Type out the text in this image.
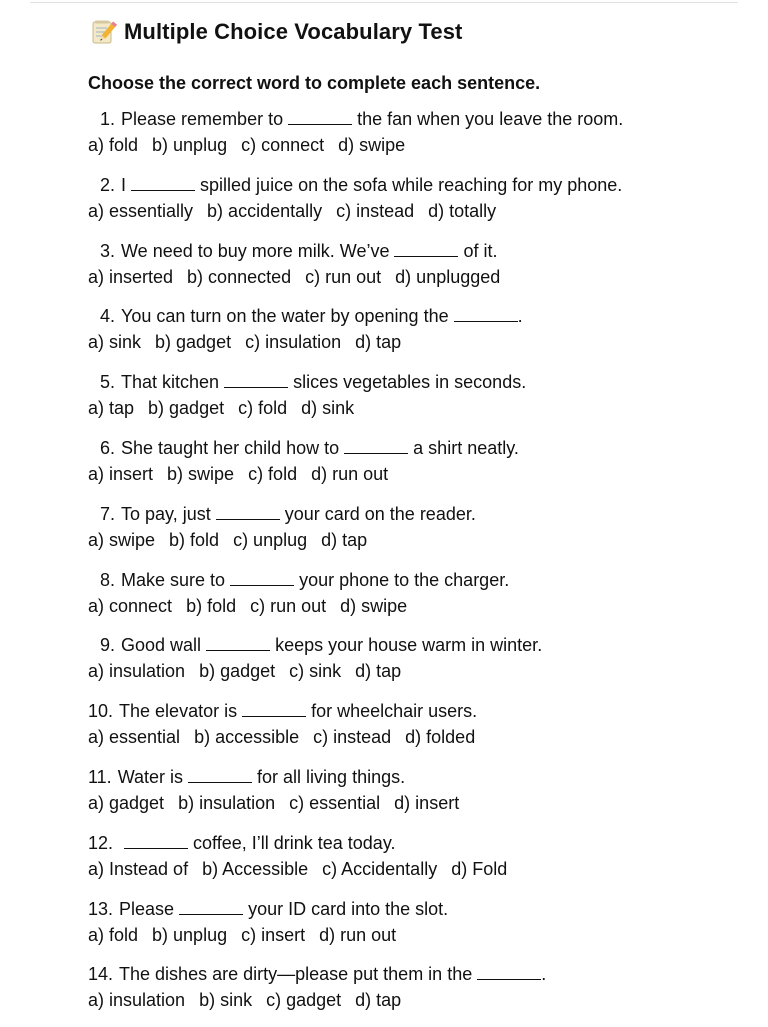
Multiple Choice Vocabulary Test
Choose the correct word to complete each sentence.
1. Please remember to	the fan when you leave the room.
a) fold b) unplug c) connect d) swipe
2. I	spilled juice on the sofa while reaching for my phone.
a) essentially b) accidentally c) instead d) totally
3. We need to buy more milk. We’ve	of it.
a) inserted b) connected c) run out d) unplugged
4. You can turn on the water by opening the	.
a) sink b) gadget c) insulation d) tap
5. That kitchen	slices vegetables in seconds.
a) tap b) gadget c) fold d) sink
6. She taught her child how to	a shirt neatly.
a) insert b) swipe c) fold d) run out
7. To pay, just	your card on the reader.
a) swipe b) fold c) unplug d) tap
8. Make sure to	your phone to the charger.
a) connect b) fold c) run out d) swipe
9. Good wall	keeps your house warm in winter.
a) insulation b) gadget c) sink d) tap
10. The elevator is	for wheelchair users.
a) essential b) accessible c) instead d) folded
11. Water is	for all living things.
a) gadget b) insulation c) essential d) insert
12.	coffee, I’ll drink tea today.
a) Instead of b) Accessible c) Accidentally d) Fold
13. Please	your ID card into the slot.
a) fold b) unplug c) insert d) run out
14. The dishes are dirty—please put them in the	.
a) insulation b) sink c) gadget d) tap
